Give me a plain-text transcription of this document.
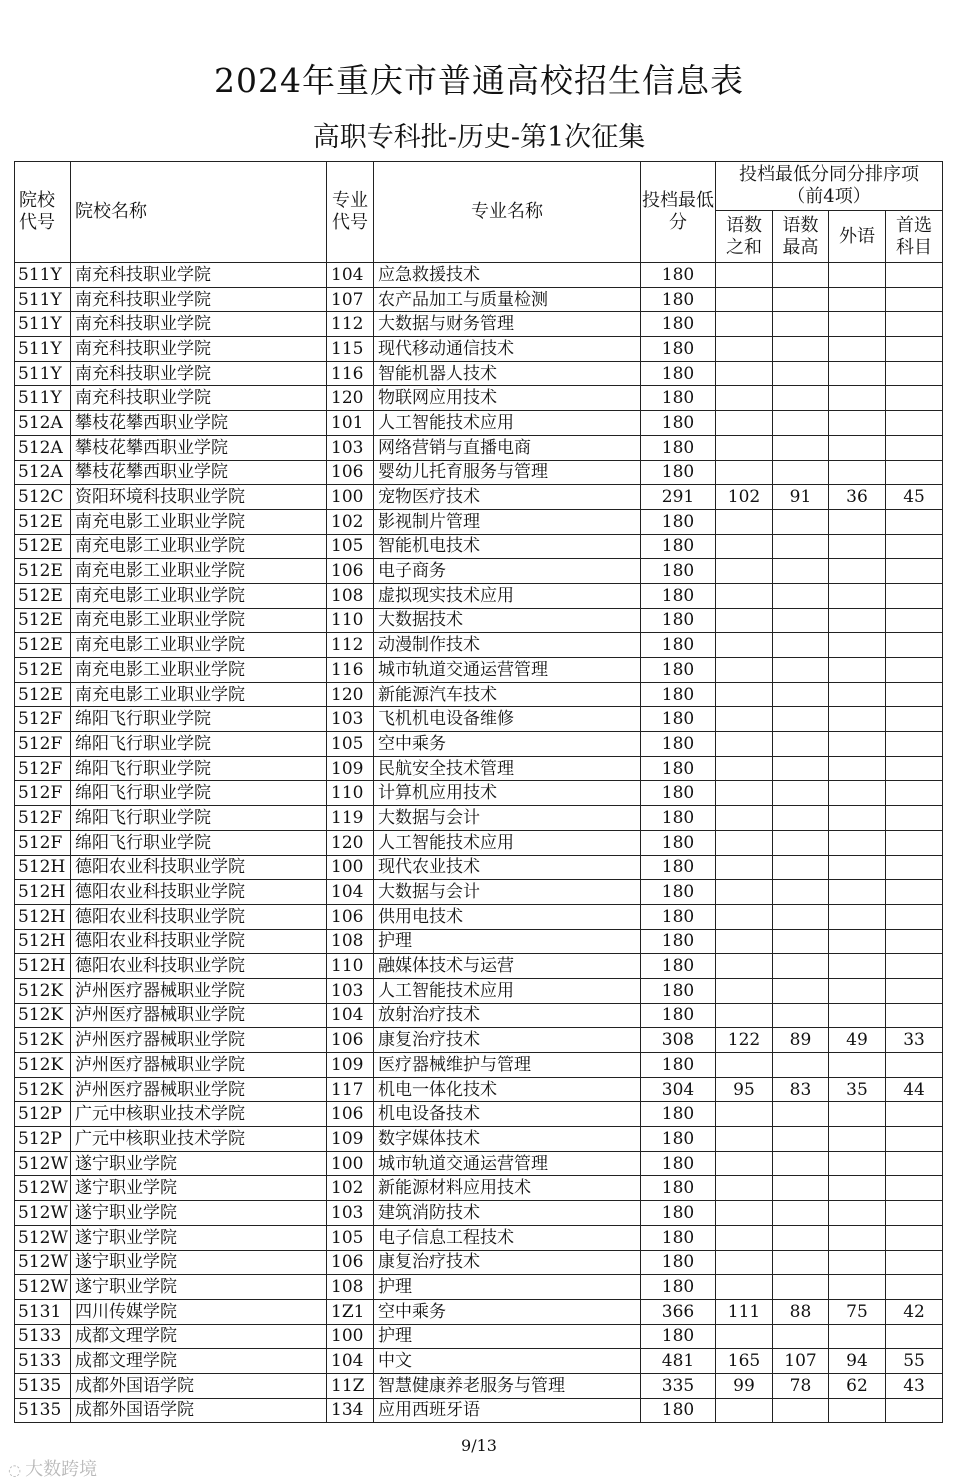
2024年重庆市普通高校招生信息表
高职专科批-历史-第1次征集
院校代号	院校名称	专业代号	专业名称	投档最低分	投档最低分同分排序项（前4项）			
					语数之和	语数最高	外语	首选科目
511Y	南充科技职业学院	104	应急救援技术	180				
511Y	南充科技职业学院	107	农产品加工与质量检测	180				
511Y	南充科技职业学院	112	大数据与财务管理	180				
511Y	南充科技职业学院	115	现代移动通信技术	180				
511Y	南充科技职业学院	116	智能机器人技术	180				
511Y	南充科技职业学院	120	物联网应用技术	180				
512A	攀枝花攀西职业学院	101	人工智能技术应用	180				
512A	攀枝花攀西职业学院	103	网络营销与直播电商	180				
512A	攀枝花攀西职业学院	106	婴幼儿托育服务与管理	180				
512C	资阳环境科技职业学院	100	宠物医疗技术	291	102	91	36	45
512E	南充电影工业职业学院	102	影视制片管理	180				
512E	南充电影工业职业学院	105	智能机电技术	180				
512E	南充电影工业职业学院	106	电子商务	180				
512E	南充电影工业职业学院	108	虚拟现实技术应用	180				
512E	南充电影工业职业学院	110	大数据技术	180				
512E	南充电影工业职业学院	112	动漫制作技术	180				
512E	南充电影工业职业学院	116	城市轨道交通运营管理	180				
512E	南充电影工业职业学院	120	新能源汽车技术	180				
512F	绵阳飞行职业学院	103	飞机机电设备维修	180				
512F	绵阳飞行职业学院	105	空中乘务	180				
512F	绵阳飞行职业学院	109	民航安全技术管理	180				
512F	绵阳飞行职业学院	110	计算机应用技术	180				
512F	绵阳飞行职业学院	119	大数据与会计	180				
512F	绵阳飞行职业学院	120	人工智能技术应用	180				
512H	德阳农业科技职业学院	100	现代农业技术	180				
512H	德阳农业科技职业学院	104	大数据与会计	180				
512H	德阳农业科技职业学院	106	供用电技术	180				
512H	德阳农业科技职业学院	108	护理	180				
512H	德阳农业科技职业学院	110	融媒体技术与运营	180				
512K	泸州医疗器械职业学院	103	人工智能技术应用	180				
512K	泸州医疗器械职业学院	104	放射治疗技术	180				
512K	泸州医疗器械职业学院	106	康复治疗技术	308	122	89	49	33
512K	泸州医疗器械职业学院	109	医疗器械维护与管理	180				
512K	泸州医疗器械职业学院	117	机电一体化技术	304	95	83	35	44
512P	广元中核职业技术学院	106	机电设备技术	180				
512P	广元中核职业技术学院	109	数字媒体技术	180				
512W	遂宁职业学院	100	城市轨道交通运营管理	180				
512W	遂宁职业学院	102	新能源材料应用技术	180				
512W	遂宁职业学院	103	建筑消防技术	180				
512W	遂宁职业学院	105	电子信息工程技术	180				
512W	遂宁职业学院	106	康复治疗技术	180				
512W	遂宁职业学院	108	护理	180				
5131	四川传媒学院	1Z1	空中乘务	366	111	88	75	42
5133	成都文理学院	100	护理	180				
5133	成都文理学院	104	中文	481	165	107	94	55
5135	成都外国语学院	11Z	智慧健康养老服务与管理	335	99	78	62	43
5135	成都外国语学院	134	应用西班牙语	180				
9/13
◌ 大数跨境
